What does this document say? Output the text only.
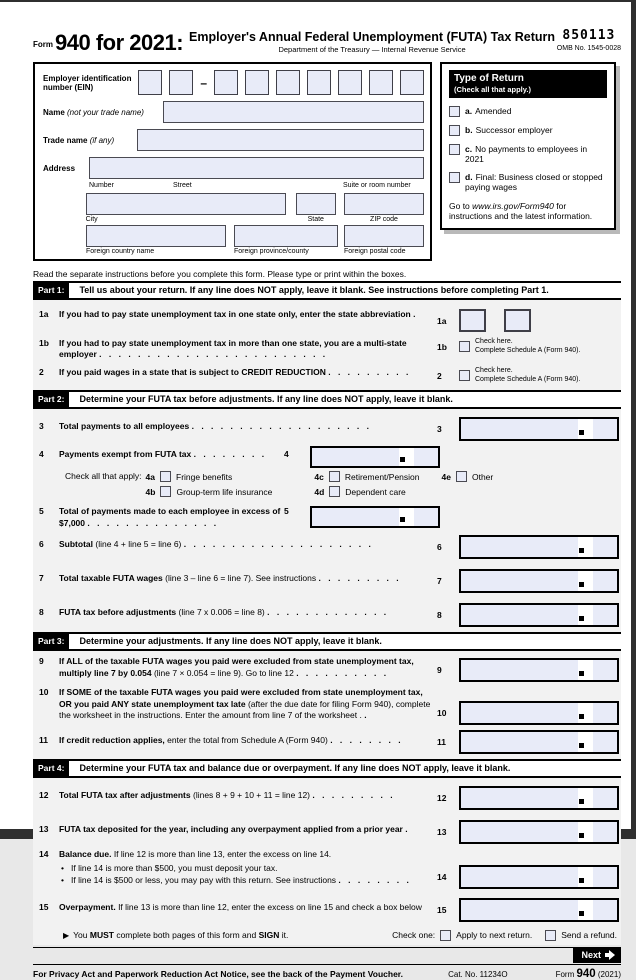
Form 940 for 2021: Employer's Annual Federal Unemployment (FUTA) Tax Return
Department of the Treasury — Internal Revenue Service
850113
OMB No. 1545-0028
Employer identification number (EIN)	–
Name (not your trade name)
Trade name (if any)
Address
Number	Street	Suite or room number
City	State	ZIP code
Foreign country name	Foreign province/county	Foreign postal code
Type of Return
(Check all that apply.)
a. Amended
b. Successor employer
c. No payments to employees in 2021
d. Final: Business closed or stopped paying wages
Go to www.irs.gov/Form940 for instructions and the latest information.
Read the separate instructions before you complete this form. Please type or print within the boxes.
Part 1:	Tell us about your return. If any line does NOT apply, leave it blank. See instructions before completing Part 1.
1a	If you had to pay state unemployment tax in one state only, enter the state abbreviation .
1a
1b	If you had to pay state unemployment tax in more than one state, you are a multi-state employer . . . . . . . . . . . . . . . . . . . . . . . .
1b
Check here.
Complete Schedule A (Form 940).
2	If you paid wages in a state that is subject to CREDIT REDUCTION . . . . . . . . .	2
Check here.
Complete Schedule A (Form 940).
Part 2:	Determine your FUTA tax before adjustments. If any line does NOT apply, leave it blank.
3	Total payments to all employees . . . . . . . . . . . . . . . . . . .	3
4	Payments exempt from FUTA tax . . . . . . . .	4
Check all that apply: 4a Fringe benefits
4b Group-term life insurance
4c Retirement/Pension
4d Dependent care
4e Other
5	Total of payments made to each employee in excess of $7,000 . . . . . . . . . . . . . .
5
6	Subtotal (line 4 + line 5 = line 6) . . . . . . . . . . . . . . . . . . . .	6
7	Total taxable FUTA wages (line 3 – line 6 = line 7). See instructions . . . . . . . . .	7
8	FUTA tax before adjustments (line 7 x 0.006 = line 8) . . . . . . . . . . . . .	8
Part 3:	Determine your adjustments. If any line does NOT apply, leave it blank.
9	If ALL of the taxable FUTA wages you paid were excluded from state unemployment tax, multiply line 7 by 0.054 (line 7 × 0.054 = line 9). Go to line 12 . . . . . . . . . .	9
10	If SOME of the taxable FUTA wages you paid were excluded from state unemployment tax, OR you paid ANY state unemployment tax late (after the due date for filing Form 940), complete the worksheet in the instructions. Enter the amount from line 7 of the worksheet . .	10
11	If credit reduction applies, enter the total from Schedule A (Form 940) . . . . . . . .	11
Part 4:	Determine your FUTA tax and balance due or overpayment. If any line does NOT apply, leave it blank.
12	Total FUTA tax after adjustments (lines 8 + 9 + 10 + 11 = line 12) . . . . . . . . .	12
13	FUTA tax deposited for the year, including any overpayment applied from a prior year .	13
14	Balance due. If line 12 is more than line 13, enter the excess on line 14.
• If line 14 is more than $500, you must deposit your tax.
• If line 14 is $500 or less, you may pay with this return. See instructions . . . . . . . .	14
15	Overpayment. If line 13 is more than line 12, enter the excess on line 15 and check a box below	15
▶ You MUST complete both pages of this form and SIGN it.	Check one: Apply to next return.	Send a refund.
Next
For Privacy Act and Paperwork Reduction Act Notice, see the back of the Payment Voucher.	Cat. No. 11234O	Form 940 (2021)
